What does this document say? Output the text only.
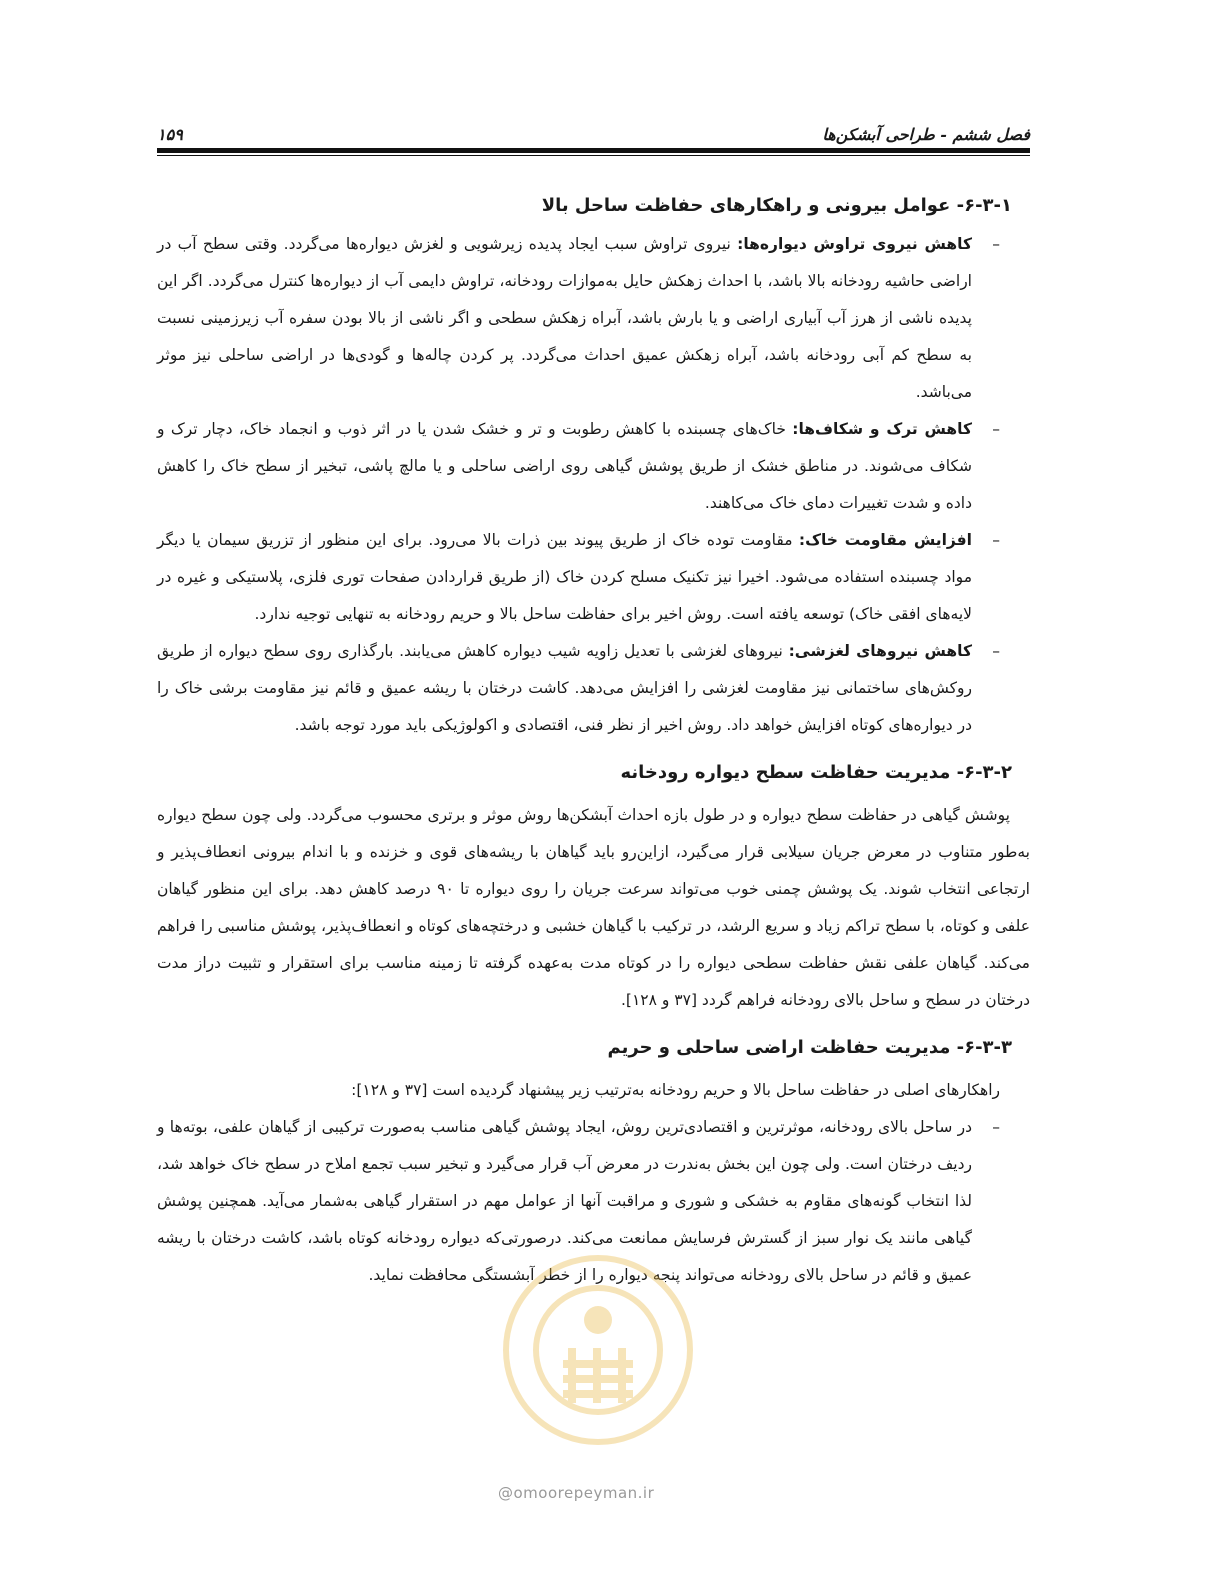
فصل ششم - طراحی آبشکن‌ها
۱۵۹
۶-۳-۱- عوامل بیرونی و راهکارهای حفاظت ساحل بالا
–
کاهش نیروی تراوش دیواره‌ها: نیروی تراوش سبب ایجاد پدیده زیرشویی و لغزش دیواره‌ها می‌گردد. وقتی سطح آب در اراضی حاشیه رودخانه بالا باشد، با احداث زهکش حایل به‌موازات رودخانه، تراوش دایمی آب از دیواره‌ها کنترل می‌گردد. اگر این پدیده ناشی از هرز آب آبیاری اراضی و یا بارش باشد، آبراه زهکش سطحی و اگر ناشی از بالا بودن سفره آب زیرزمینی نسبت به سطح کم آبی رودخانه باشد، آبراه زهکش عمیق احداث می‌گردد. پر کردن چاله‌ها و گودی‌ها در اراضی ساحلی نیز موثر می‌باشد.
–
کاهش ترک و شکاف‌ها: خاک‌های چسبنده با کاهش رطوبت و تر و خشک شدن یا در اثر ذوب و انجماد خاک، دچار ترک و شکاف می‌شوند. در مناطق خشک از طریق پوشش گیاهی روی اراضی ساحلی و یا مالچ پاشی، تبخیر از سطح خاک را کاهش داده و شدت تغییرات دمای خاک می‌کاهند.
–
افزایش مقاومت خاک: مقاومت توده خاک از طریق پیوند بین ذرات بالا می‌رود. برای این منظور از تزریق سیمان یا دیگر مواد چسبنده استفاده می‌شود. اخیرا نیز تکنیک مسلح کردن خاک (از طریق قراردادن صفحات توری فلزی، پلاستیکی و غیره در لایه‌های افقی خاک) توسعه یافته است. روش اخیر برای حفاظت ساحل بالا و حریم رودخانه به تنهایی توجیه ندارد.
–
کاهش نیروهای لغزشی: نیروهای لغزشی با تعدیل زاویه شیب دیواره کاهش می‌یابند. بارگذاری روی سطح دیواره از طریق روکش‌های ساختمانی نیز مقاومت لغزشی را افزایش می‌دهد. کاشت درختان با ریشه عمیق و قائم نیز مقاومت برشی خاک را در دیواره‌های کوتاه افزایش خواهد داد. روش اخیر از نظر فنی، اقتصادی و اکولوژیکی باید مورد توجه باشد.
۶-۳-۲- مدیریت حفاظت سطح دیواره رودخانه

پوشش گیاهی در حفاظت سطح دیواره و در طول بازه احداث آبشکن‌ها روش موثر و برتری محسوب می‌گردد. ولی چون سطح دیواره به‌طور متناوب در معرض جریان سیلابی قرار می‌گیرد، ازاین‌رو باید گیاهان با ریشه‌های قوی و خزنده و با اندام بیرونی انعطاف‌پذیر و ارتجاعی انتخاب شوند. یک پوشش چمنی خوب می‌تواند سرعت جریان را روی دیواره تا ۹۰ درصد کاهش دهد. برای این منظور گیاهان علفی و کوتاه، با سطح تراکم زیاد و سریع الرشد، در ترکیب با گیاهان خشبی و درختچه‌های کوتاه و انعطاف‌پذیر، پوشش مناسبی را فراهم می‌کند. گیاهان علفی نقش حفاظت سطحی دیواره را در کوتاه مدت به‌عهده گرفته تا زمینه مناسب برای استقرار و تثبیت دراز مدت درختان در سطح و ساحل بالای رودخانه فراهم گردد [۳۷ و ۱۲۸].

۶-۳-۳- مدیریت حفاظت اراضی ساحلی و حریم

راهکارهای اصلی در حفاظت ساحل بالا و حریم رودخانه به‌ترتیب زیر پیشنهاد گردیده است [۳۷ و ۱۲۸]:

–
در ساحل بالای رودخانه، موثرترین و اقتصادی‌ترین روش، ایجاد پوشش گیاهی مناسب به‌صورت ترکیبی از گیاهان علفی، بوته‌ها و ردیف درختان است. ولی چون این بخش به‌ندرت در معرض آب قرار می‌گیرد و تبخیر سبب تجمع املاح در سطح خاک خواهد شد، لذا انتخاب گونه‌های مقاوم به خشکی و شوری و مراقبت آنها از عوامل مهم در استقرار گیاهی به‌شمار می‌آید. همچنین پوشش گیاهی مانند یک نوار سبز از گسترش فرسایش ممانعت می‌کند. درصورتی‌که دیواره رودخانه کوتاه باشد، کاشت درختان با ریشه عمیق و قائم در ساحل بالای رودخانه می‌تواند پنجه دیواره را از خطر آبشستگی محافظت نماید.
@omoorepeyman.ir
